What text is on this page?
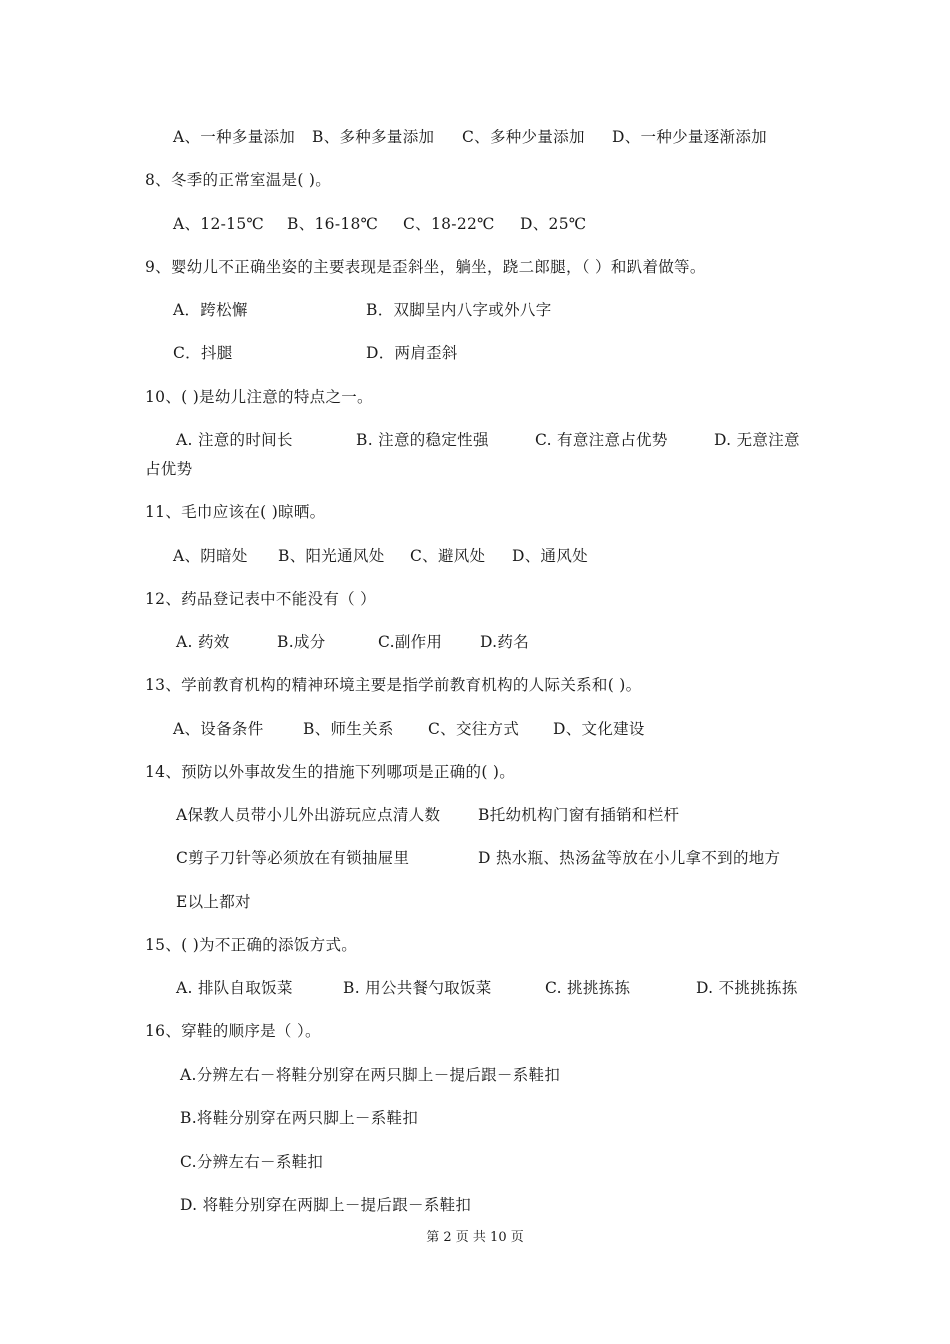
A、一种多量添加 B、多种多量添加 C、多种少量添加 D、一种少量逐渐添加
8、冬季的正常室温是( )。
A、12-15℃ B、16-18℃ C、18-22℃ D、25℃
9、婴幼儿不正确坐姿的主要表现是歪斜坐，躺坐，跷二郎腿，（ ）和趴着做等。
A．跨松懈	B．双脚呈内八字或外八字
C．抖腿	D．两肩歪斜
10、( )是幼儿注意的特点之一。
A. 注意的时间长	B. 注意的稳定性强	C. 有意注意占优势	D. 无意注意
占优势
11、毛巾应该在( )晾晒。
A、阴暗处 B、阳光通风处 C、避风处 D、通风处
12、药品登记表中不能没有（ ）
A. 药效	B.成分	C.副作用 D.药名
13、学前教育机构的精神环境主要是指学前教育机构的人际关系和( )。
A、设备条件	B、师生关系 C、交往方式 D、文化建设
14、预防以外事故发生的措施下列哪项是正确的( )。
A保教人员带小儿外出游玩应点清人数 B托幼机构门窗有插销和栏杆
C剪子刀针等必须放在有锁抽屉里	D 热水瓶、热汤盆等放在小儿拿不到的地方
E以上都对
15、( )为不正确的添饭方式。
A. 排队自取饭菜	B. 用公共餐勺取饭菜	C. 挑挑拣拣	D. 不挑挑拣拣
16、穿鞋的顺序是（ ）。
A.分辨左右－将鞋分别穿在两只脚上－提后跟－系鞋扣
B.将鞋分别穿在两只脚上－系鞋扣
C.分辨左右－系鞋扣
D. 将鞋分别穿在两脚上－提后跟－系鞋扣
第 2 页 共 10 页
